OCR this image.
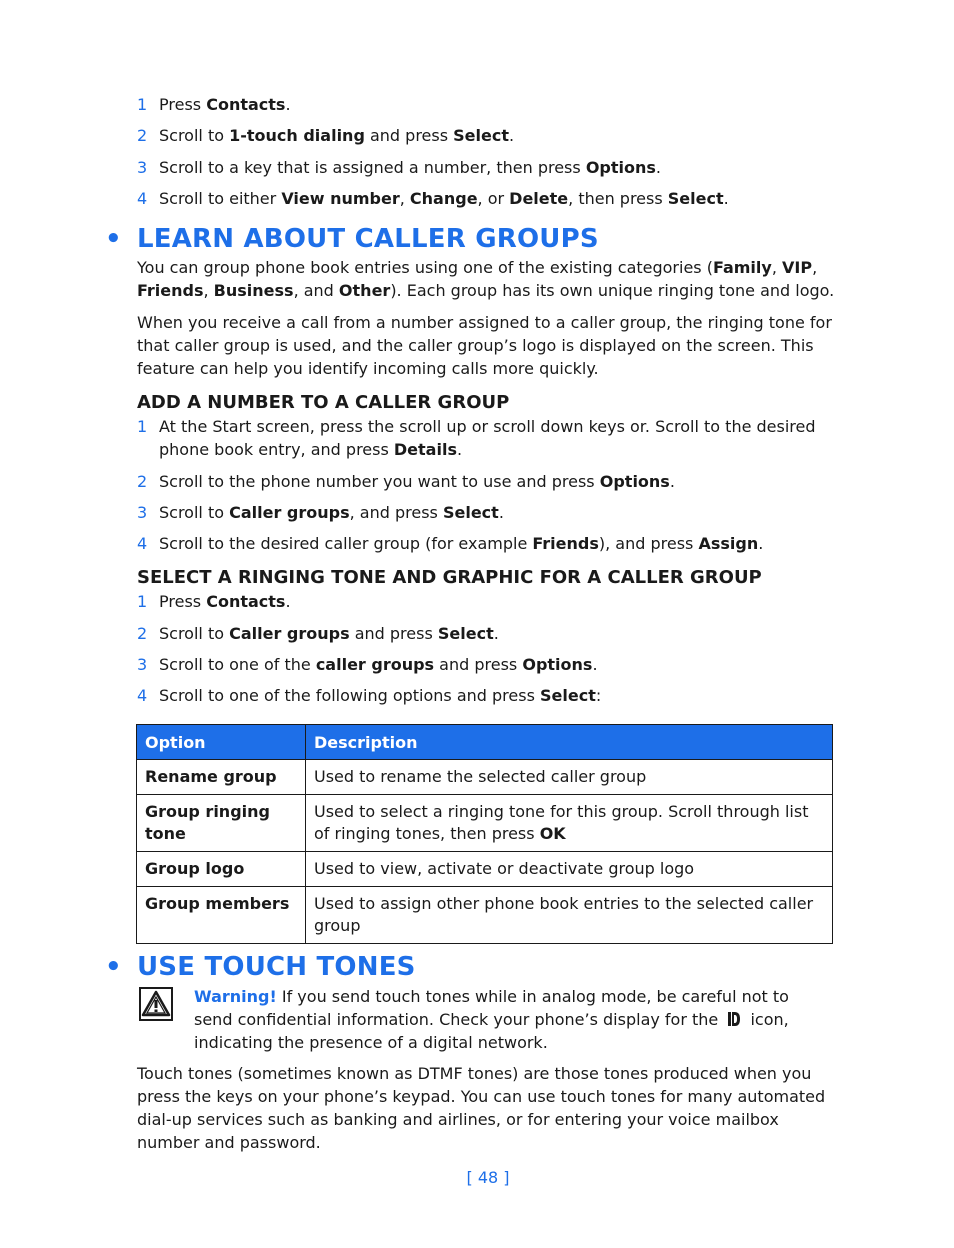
1 Press Contacts.
2 Scroll to 1-touch dialing and press Select.
3 Scroll to a key that is assigned a number, then press Options.
4 Scroll to either View number, Change, or Delete, then press Select.
• LEARN ABOUT CALLER GROUPS
You can group phone book entries using one of the existing categories (Family, VIP, Friends, Business, and Other). Each group has its own unique ringing tone and logo.
When you receive a call from a number assigned to a caller group, the ringing tone for that caller group is used, and the caller group’s logo is displayed on the screen. This feature can help you identify incoming calls more quickly.
ADD A NUMBER TO A CALLER GROUP
1 At the Start screen, press the scroll up or scroll down keys or. Scroll to the desired phone book entry, and press Details.
2 Scroll to the phone number you want to use and press Options.
3 Scroll to Caller groups, and press Select.
4 Scroll to the desired caller group (for example Friends), and press Assign.
SELECT A RINGING TONE AND GRAPHIC FOR A CALLER GROUP
1 Press Contacts.
2 Scroll to Caller groups and press Select.
3 Scroll to one of the caller groups and press Options.
4 Scroll to one of the following options and press Select:
Option	Description
Rename group	Used to rename the selected caller group
Group ringing tone	Used to select a ringing tone for this group. Scroll through list of ringing tones, then press OK
Group logo	Used to view, activate or deactivate group logo
Group members	Used to assign other phone book entries to the selected caller group
• USE TOUCH TONES
Warning! If you send touch tones while in analog mode, be careful not to send confidential information. Check your phone’s display for the  icon, indicating the presence of a digital network.
Touch tones (sometimes known as DTMF tones) are those tones produced when you press the keys on your phone’s keypad. You can use touch tones for many automated dial-up services such as banking and airlines, or for entering your voice mailbox number and password.
[ 48 ]
